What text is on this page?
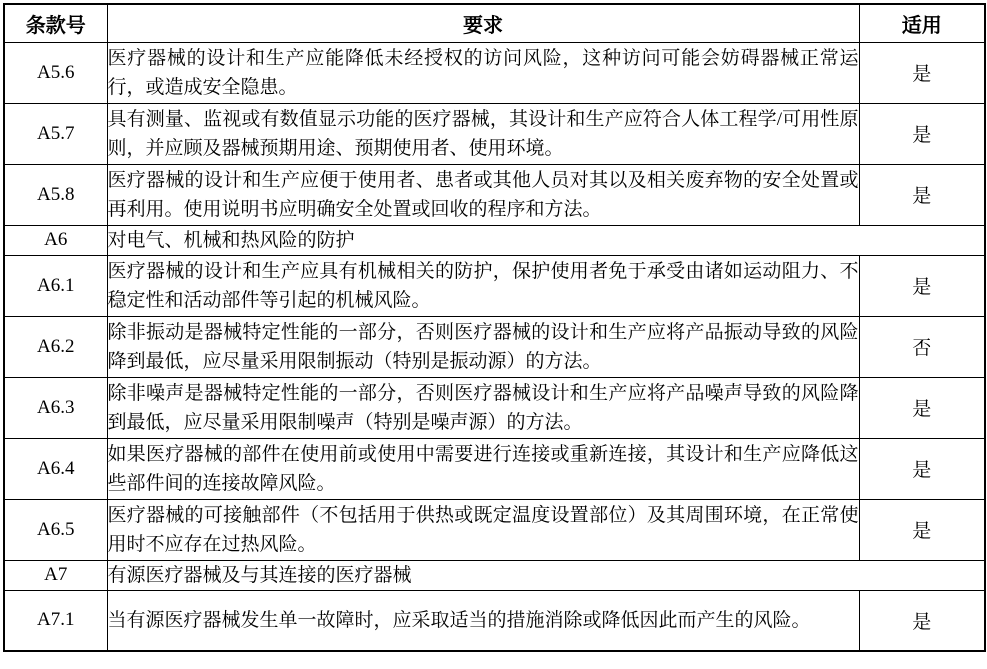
条款号	要求	适用
A5.6	医疗器械的设计和生产应能降低未经授权的访问风险，这种访问可能会妨碍器械正常运行，或造成安全隐患。	是
A5.7	具有测量、监视或有数值显示功能的医疗器械，其设计和生产应符合人体工程学/可用性原则，并应顾及器械预期用途、预期使用者、使用环境。	是
A5.8	医疗器械的设计和生产应便于使用者、患者或其他人员对其以及相关废弃物的安全处置或再利用。使用说明书应明确安全处置或回收的程序和方法。	是
A6	对电气、机械和热风险的防护	
A6.1	医疗器械的设计和生产应具有机械相关的防护，保护使用者免于承受由诸如运动阻力、不稳定性和活动部件等引起的机械风险。	是
A6.2	除非振动是器械特定性能的一部分，否则医疗器械的设计和生产应将产品振动导致的风险降到最低，应尽量采用限制振动（特别是振动源）的方法。	否
A6.3	除非噪声是器械特定性能的一部分，否则医疗器械设计和生产应将产品噪声导致的风险降到最低，应尽量采用限制噪声（特别是噪声源）的方法。	是
A6.4	如果医疗器械的部件在使用前或使用中需要进行连接或重新连接，其设计和生产应降低这些部件间的连接故障风险。	是
A6.5	医疗器械的可接触部件（不包括用于供热或既定温度设置部位）及其周围环境，在正常使用时不应存在过热风险。	是
A7	有源医疗器械及与其连接的医疗器械	
A7.1	当有源医疗器械发生单一故障时，应采取适当的措施消除或降低因此而产生的风险。	是
